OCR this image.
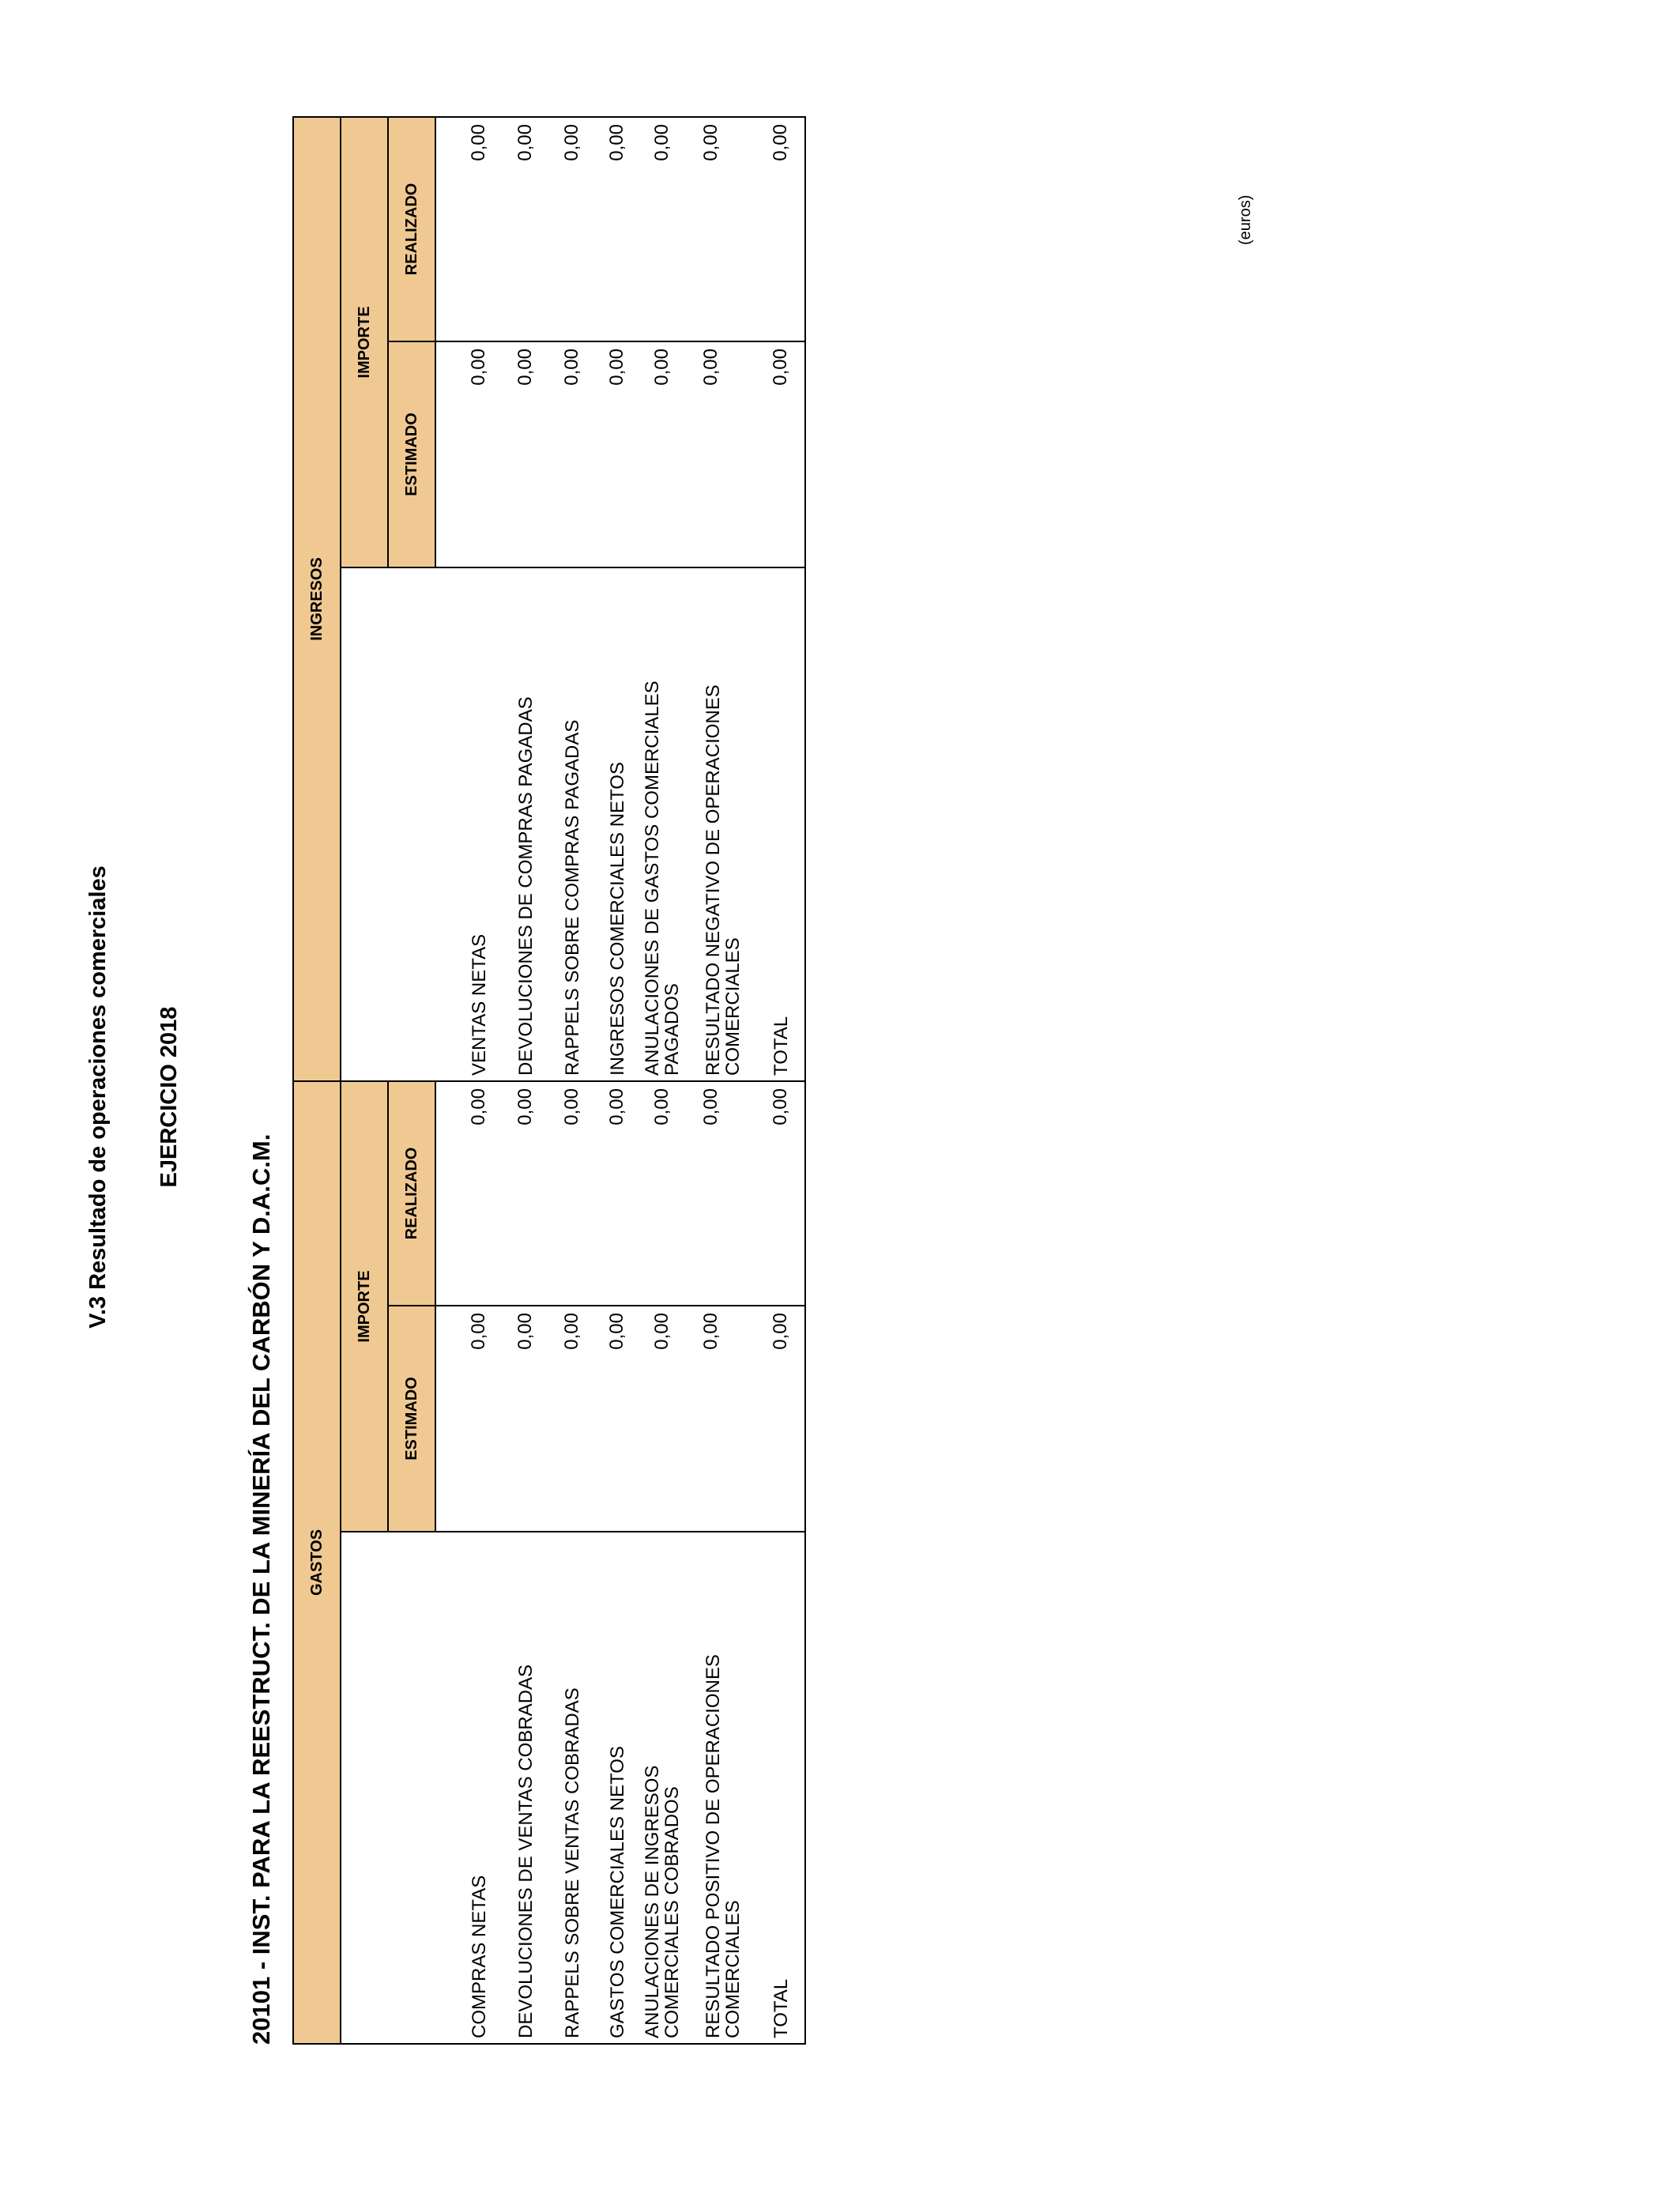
V.3 Resultado de operaciones comerciales EJERCICIO 2018
20101 - INST. PARA LA REESTRUCT. DE LA MINERÍA DEL CARBÓN Y D.A.C.M.
(euros)
GASTOS
IMPORTE
ESTIMADO
REALIZADO
INGRESOS
IMPORTE
ESTIMADO
REALIZADO
COMPRAS NETAS
0,00
0,00
DEVOLUCIONES DE VENTAS COBRADAS
0,00
0,00
RAPPELS SOBRE VENTAS COBRADAS
0,00
0,00
GASTOS COMERCIALES NETOS
0,00
0,00
ANULACIONES DE INGRESOS COMERCIALES COBRADOS
0,00
0,00
RESULTADO POSITIVO DE OPERACIONES COMERCIALES
0,00
0,00
TOTAL
0,00
0,00
VENTAS NETAS
0,00
0,00
DEVOLUCIONES DE COMPRAS PAGADAS
0,00
0,00
RAPPELS SOBRE COMPRAS PAGADAS
0,00
0,00
INGRESOS COMERCIALES NETOS
0,00
0,00
ANULACIONES DE GASTOS COMERCIALES PAGADOS
0,00
0,00
RESULTADO NEGATIVO DE OPERACIONES COMERCIALES
0,00
0,00
TOTAL
0,00
0,00
